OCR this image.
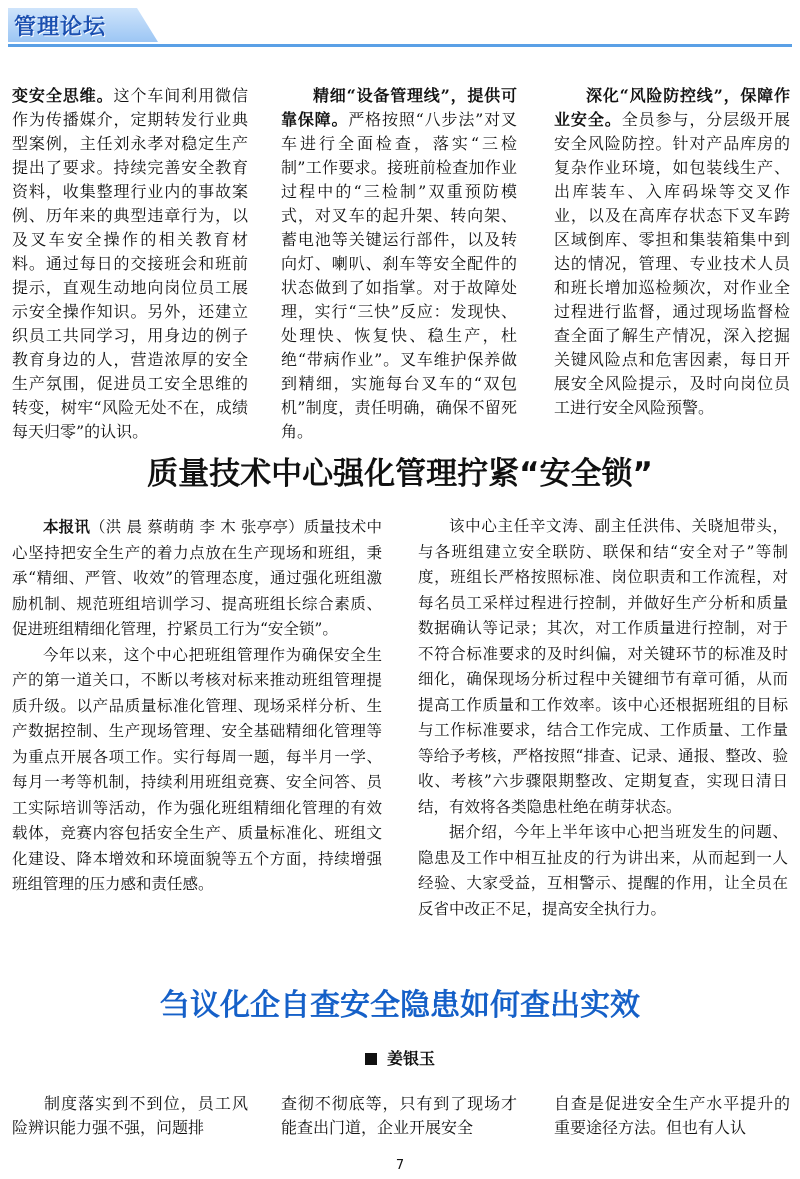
管理论坛

变安全思维。这个车间利用微信作为传播媒介，定期转发行业典型案例，主任刘永孝对稳定生产提出了要求。持续完善安全教育资料，收集整理行业内的事故案例、历年来的典型违章行为，以及叉车安全操作的相关教育材料。通过每日的交接班会和班前提示，直观生动地向岗位员工展示安全操作知识。另外，还建立织员工共同学习，用身边的例子教育身边的人，营造浓厚的安全生产氛围，促进员工安全思维的转变，树牢“风险无处不在，成绩每天归零”的认识。

精细“设备管理线”，提供可靠保障。严格按照“八步法”对叉车进行全面检查，落实“三检制”工作要求。接班前检查加作业过程中的“三检制”双重预防模式，对叉车的起升架、转向架、蓄电池等关键运行部件，以及转向灯、喇叭、刹车等安全配件的状态做到了如指掌。对于故障处理，实行“三快”反应：发现快、处理快、恢复快、稳生产，杜绝“带病作业”。叉车维护保养做到精细，实施每台叉车的“双包机”制度，责任明确，确保不留死角。

深化“风险防控线”，保障作业安全。全员参与，分层级开展安全风险防控。针对产品库房的复杂作业环境，如包装线生产、出库装车、入库码垛等交叉作业，以及在高库存状态下叉车跨区域倒库、零担和集装箱集中到达的情况，管理、专业技术人员和班长增加巡检频次，对作业全过程进行监督，通过现场监督检查全面了解生产情况，深入挖掘关键风险点和危害因素，每日开展安全风险提示，及时向岗位员工进行安全风险预警。

质量技术中心强化管理拧紧“安全锁”

本报讯（洪 晨 蔡萌萌 李 木 张亭亭）质量技术中心坚持把安全生产的着力点放在生产现场和班组，秉承“精细、严管、收效”的管理态度，通过强化班组激励机制、规范班组培训学习、提高班组长综合素质、促进班组精细化管理，拧紧员工行为“安全锁”。

今年以来，这个中心把班组管理作为确保安全生产的第一道关口，不断以考核对标来推动班组管理提质升级。以产品质量标准化管理、现场采样分析、生产数据控制、生产现场管理、安全基础精细化管理等为重点开展各项工作。实行每周一题，每半月一学、每月一考等机制，持续利用班组竞赛、安全问答、员工实际培训等活动，作为强化班组精细化管理的有效载体，竞赛内容包括安全生产、质量标准化、班组文化建设、降本增效和环境面貌等五个方面，持续增强班组管理的压力感和责任感。

该中心主任辛文涛、副主任洪伟、关晓旭带头，与各班组建立安全联防、联保和结“安全对子”等制度，班组长严格按照标准、岗位职责和工作流程，对每名员工采样过程进行控制，并做好生产分析和质量数据确认等记录；其次，对工作质量进行控制，对于不符合标准要求的及时纠偏，对关键环节的标准及时细化，确保现场分析过程中关键细节有章可循，从而提高工作质量和工作效率。该中心还根据班组的目标与工作标准要求，结合工作完成、工作质量、工作量等给予考核，严格按照“排查、记录、通报、整改、验收、考核”六步骤限期整改、定期复查，实现日清日结，有效将各类隐患杜绝在萌芽状态。

据介绍，今年上半年该中心把当班发生的问题、隐患及工作中相互扯皮的行为讲出来，从而起到一人经验、大家受益，互相警示、提醒的作用，让全员在反省中改正不足，提高安全执行力。

刍议化企自查安全隐患如何查出实效
姜银玉

制度落实到不到位，员工风险辨识能力强不强，问题排

查彻不彻底等，只有到了现场才能查出门道，企业开展安全

自查是促进安全生产水平提升的重要途径方法。但也有人认

7
